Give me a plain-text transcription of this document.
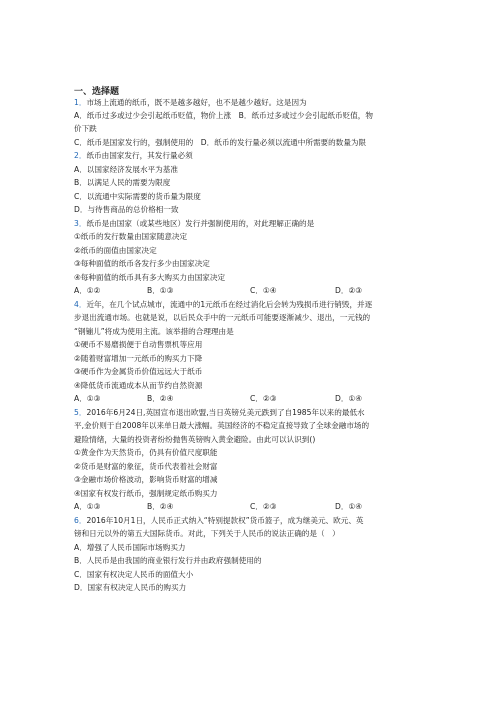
一、选择题
1．市场上流通的纸币，既不是越多越好，也不是越少越好。这是因为
A．纸币过多或过少会引起纸币贬值，物价上涨　B．纸币过多或过少会引起纸币贬值，物
价下跌
C．纸币是国家发行的，强制使用的　D．纸币的发行量必须以流通中所需要的数量为限
2．纸币由国家发行，其发行量必须
A．以国家经济发展水平为基准
B．以满足人民的需要为限度
C．以流通中实际需要的货币量为限度
D．与待售商品的总价格相一致
3．纸币是由国家（或某些地区）发行并强制使用的，对此理解正确的是
①纸币的发行数量由国家随意决定
②纸币的面值由国家决定
③每种面值的纸币各发行多少由国家决定
④每种面值的纸币具有多大购买力由国家决定
A．①②	B．①③	C．①④	D．②③
4．近年，在几个试点城市，流通中的1元纸币在经过消化后会转为残损币进行销毁，并逐
步退出流通市场。也就是说，以后民众手中的一元纸币可能要逐渐减少、退出，一元钱的
“钢镚儿”将成为使用主流。该举措的合理理由是
①硬币不易磨损便于自动售票机等应用
②随着财富增加一元纸币的购买力下降
③硬币作为金属货币价值远远大于纸币
④降低货币流通成本从而节约自然资源
A．①③	B．②④	C．②③	D．①④
5．2016年6月24日,英国宣布退出欧盟,当日英镑兑美元跌到了自1985年以来的最低水
平,金价则于自2008年以来单日最大涨幅。英国经济的不稳定直接导致了全球金融市场的
避险情绪，大量的投资者纷纷抛售英镑购入黄金避险。由此可以认识到()
①黄金作为天然货币，仍具有价值尺度职能
②货币是财富的象征，货币代表着社会财富
③金融市场价格波动，影响货币财富的增减
④国家有权发行纸币，强制规定纸币购买力
A．①③	B．②④	C．②③	D．①④
6．2016年10月1日，人民币正式纳入“特别提款权”货币篮子，成为继美元、欧元、英
镑和日元以外的第五大国际货币。对此，下列关于人民币的说法正确的是（　）
A．增强了人民币国际市场购买力
B．人民币是由我国的商业银行发行并由政府强制使用的
C．国家有权决定人民币的面值大小
D．国家有权决定人民币的购买力
